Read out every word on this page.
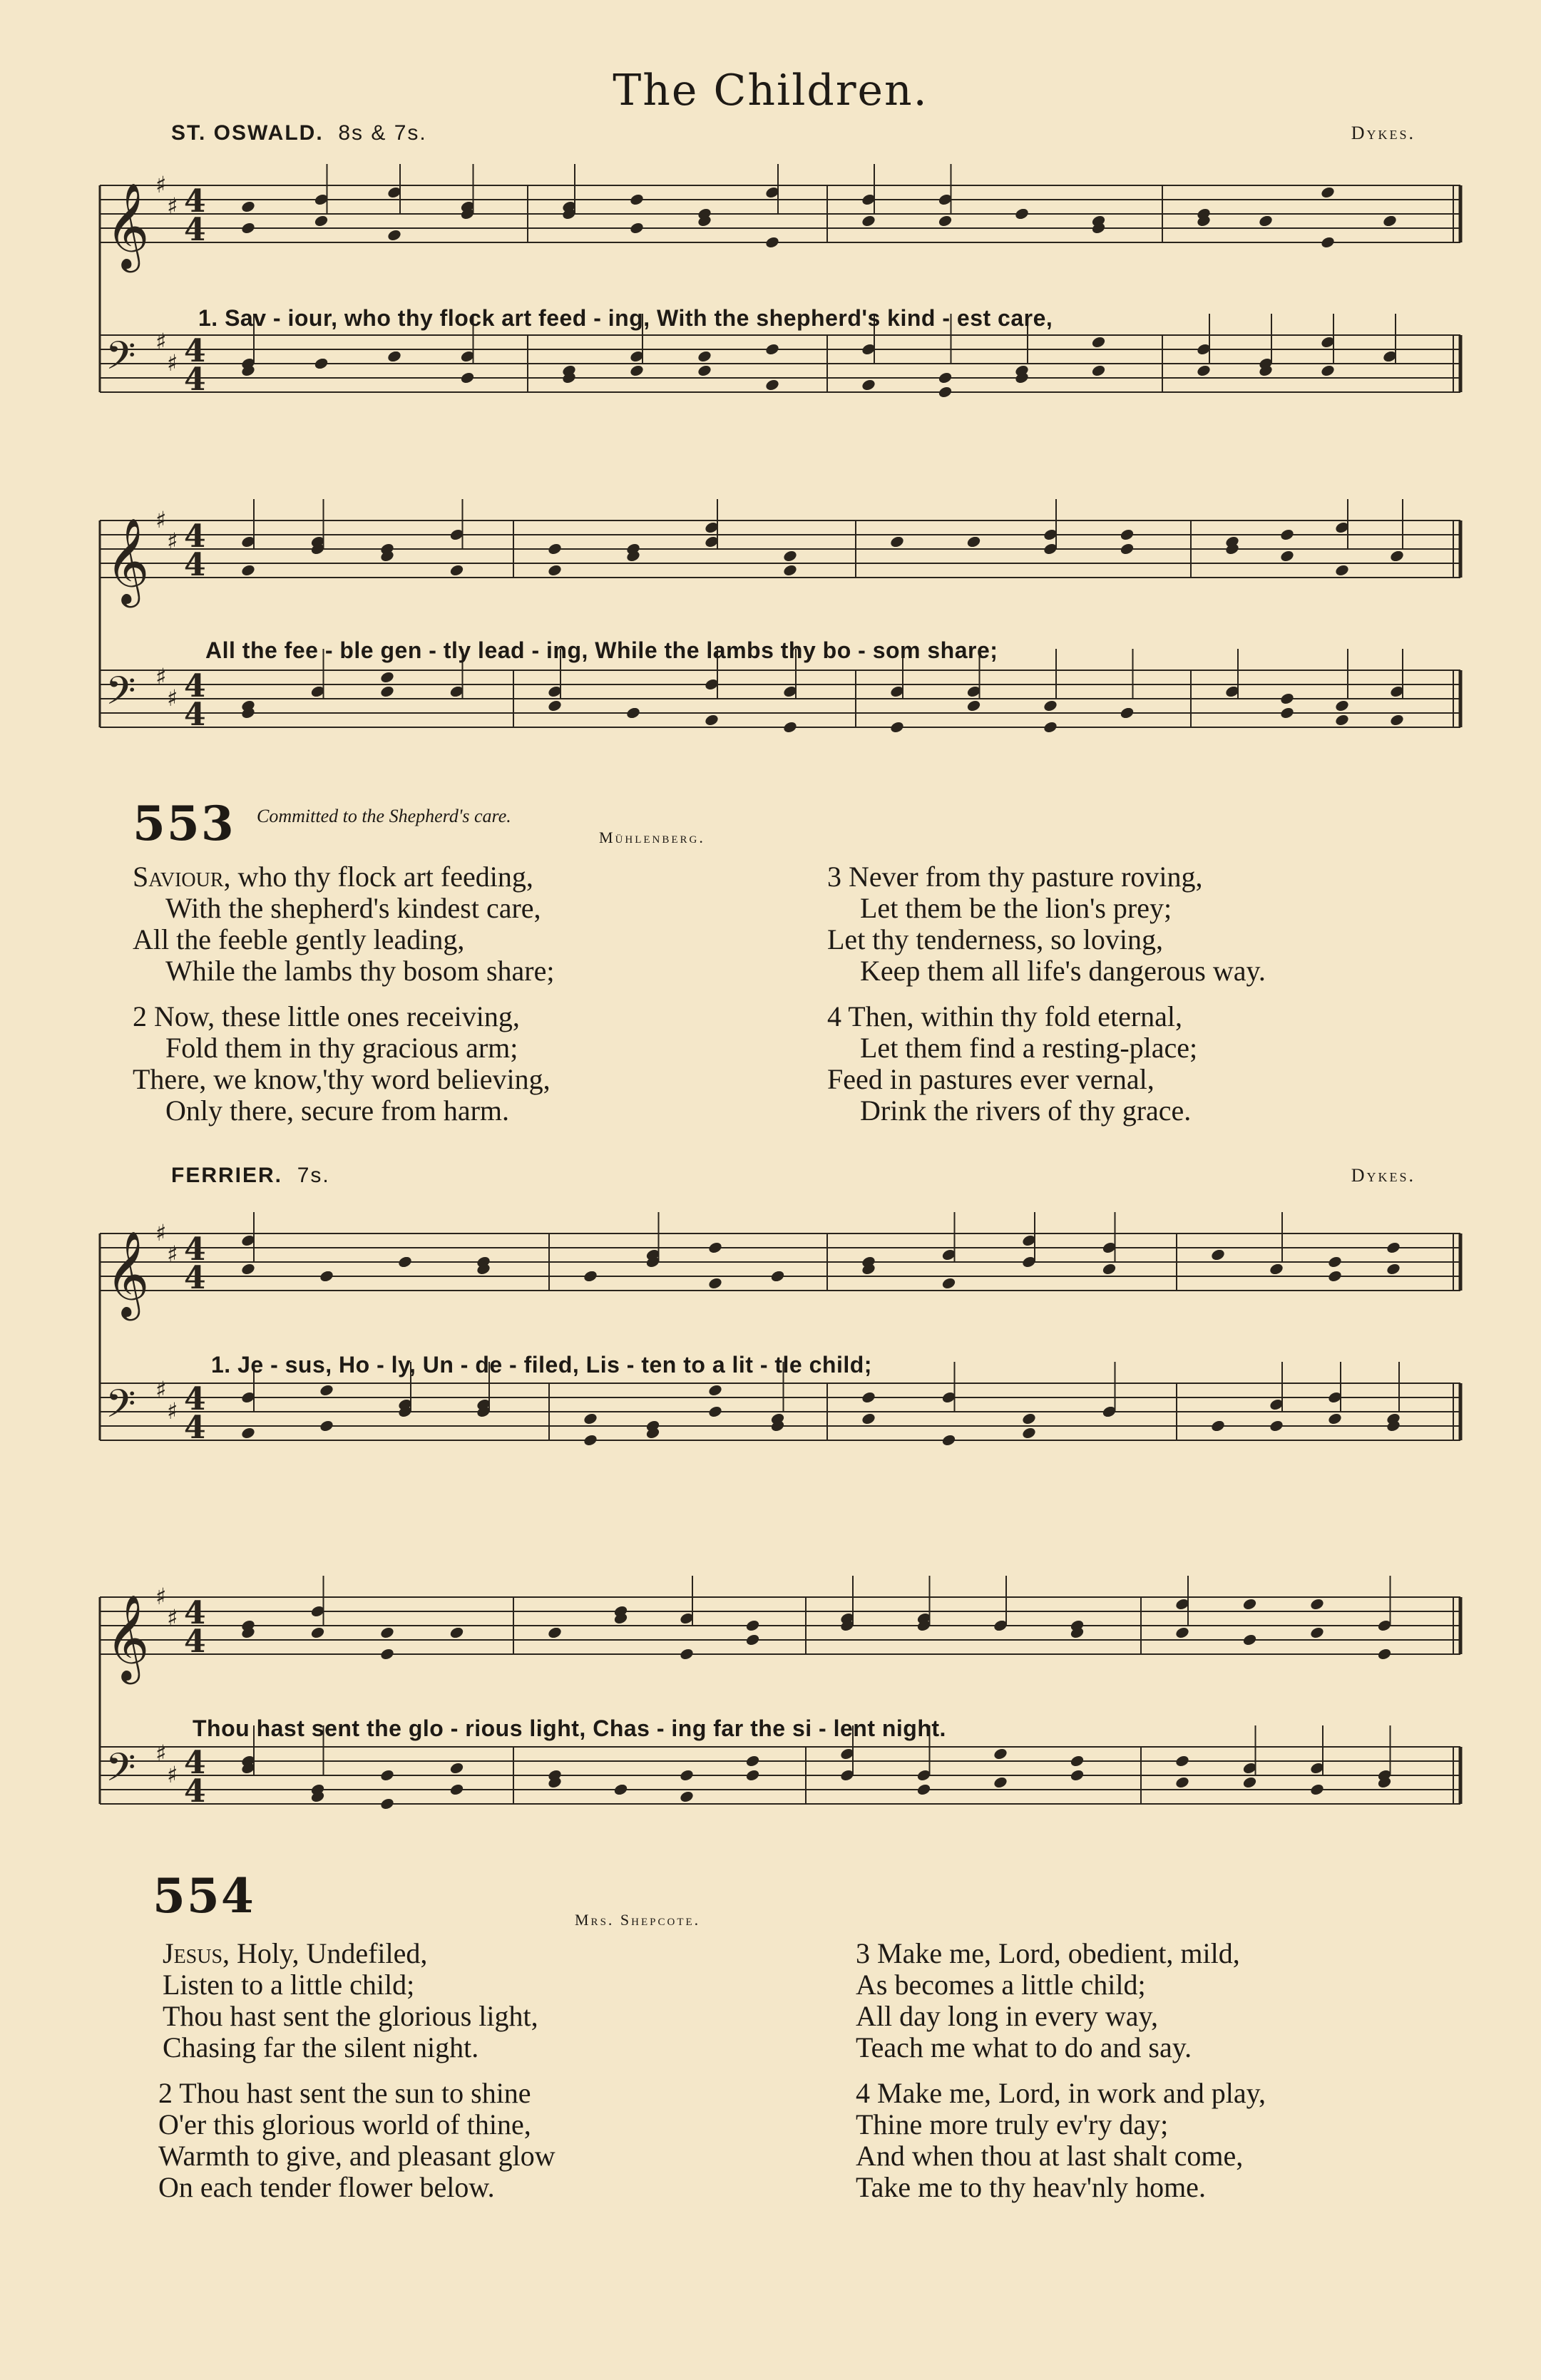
The Children.
ST. OSWALD. 8s & 7s.	Dykes.
𝄞 ♯
♯ 4
4
𝄢 ♯
♯ 4
4
1. Sav - iour, who thy flock art feed - ing, With the shepherd's kind - est care,
𝄞 ♯
♯ 4
4
𝄢 ♯
♯ 4
4
All the fee - ble gen - tly lead - ing, While the lambs thy bo - som share;
553 Committed to the Shepherd's care.
Mühlenberg.
Saviour, who thy flock art feeding,
With the shepherd's kindest care,
All the feeble gently leading,
While the lambs thy bosom share;
2 Now, these little ones receiving,
Fold them in thy gracious arm;
There, we know,'thy word believing,
Only there, secure from harm.
3 Never from thy pasture roving,
Let them be the lion's prey;
Let thy tenderness, so loving,
Keep them all life's dangerous way.
4 Then, within thy fold eternal,
Let them find a resting-place;
Feed in pastures ever vernal,
Drink the rivers of thy grace.
FERRIER. 7s.	Dykes.
𝄞 ♯
♯ 4
4
𝄢 ♯
♯ 4
4
1. Je - sus, Ho - ly, Un - de - filed, Lis - ten to a lit - tle child;
𝄞 ♯
♯ 4
4
𝄢 ♯
♯ 4
4
Thou hast sent the glo - rious light, Chas - ing far the si - lent night.
554	Mrs. Shepcote.
Jesus, Holy, Undefiled,
Listen to a little child;
Thou hast sent the glorious light,
Chasing far the silent night.
2 Thou hast sent the sun to shine
O'er this glorious world of thine,
Warmth to give, and pleasant glow
On each tender flower below.
3 Make me, Lord, obedient, mild,
As becomes a little child;
All day long in every way,
Teach me what to do and say.
4 Make me, Lord, in work and play,
Thine more truly ev'ry day;
And when thou at last shalt come,
Take me to thy heav'nly home.
